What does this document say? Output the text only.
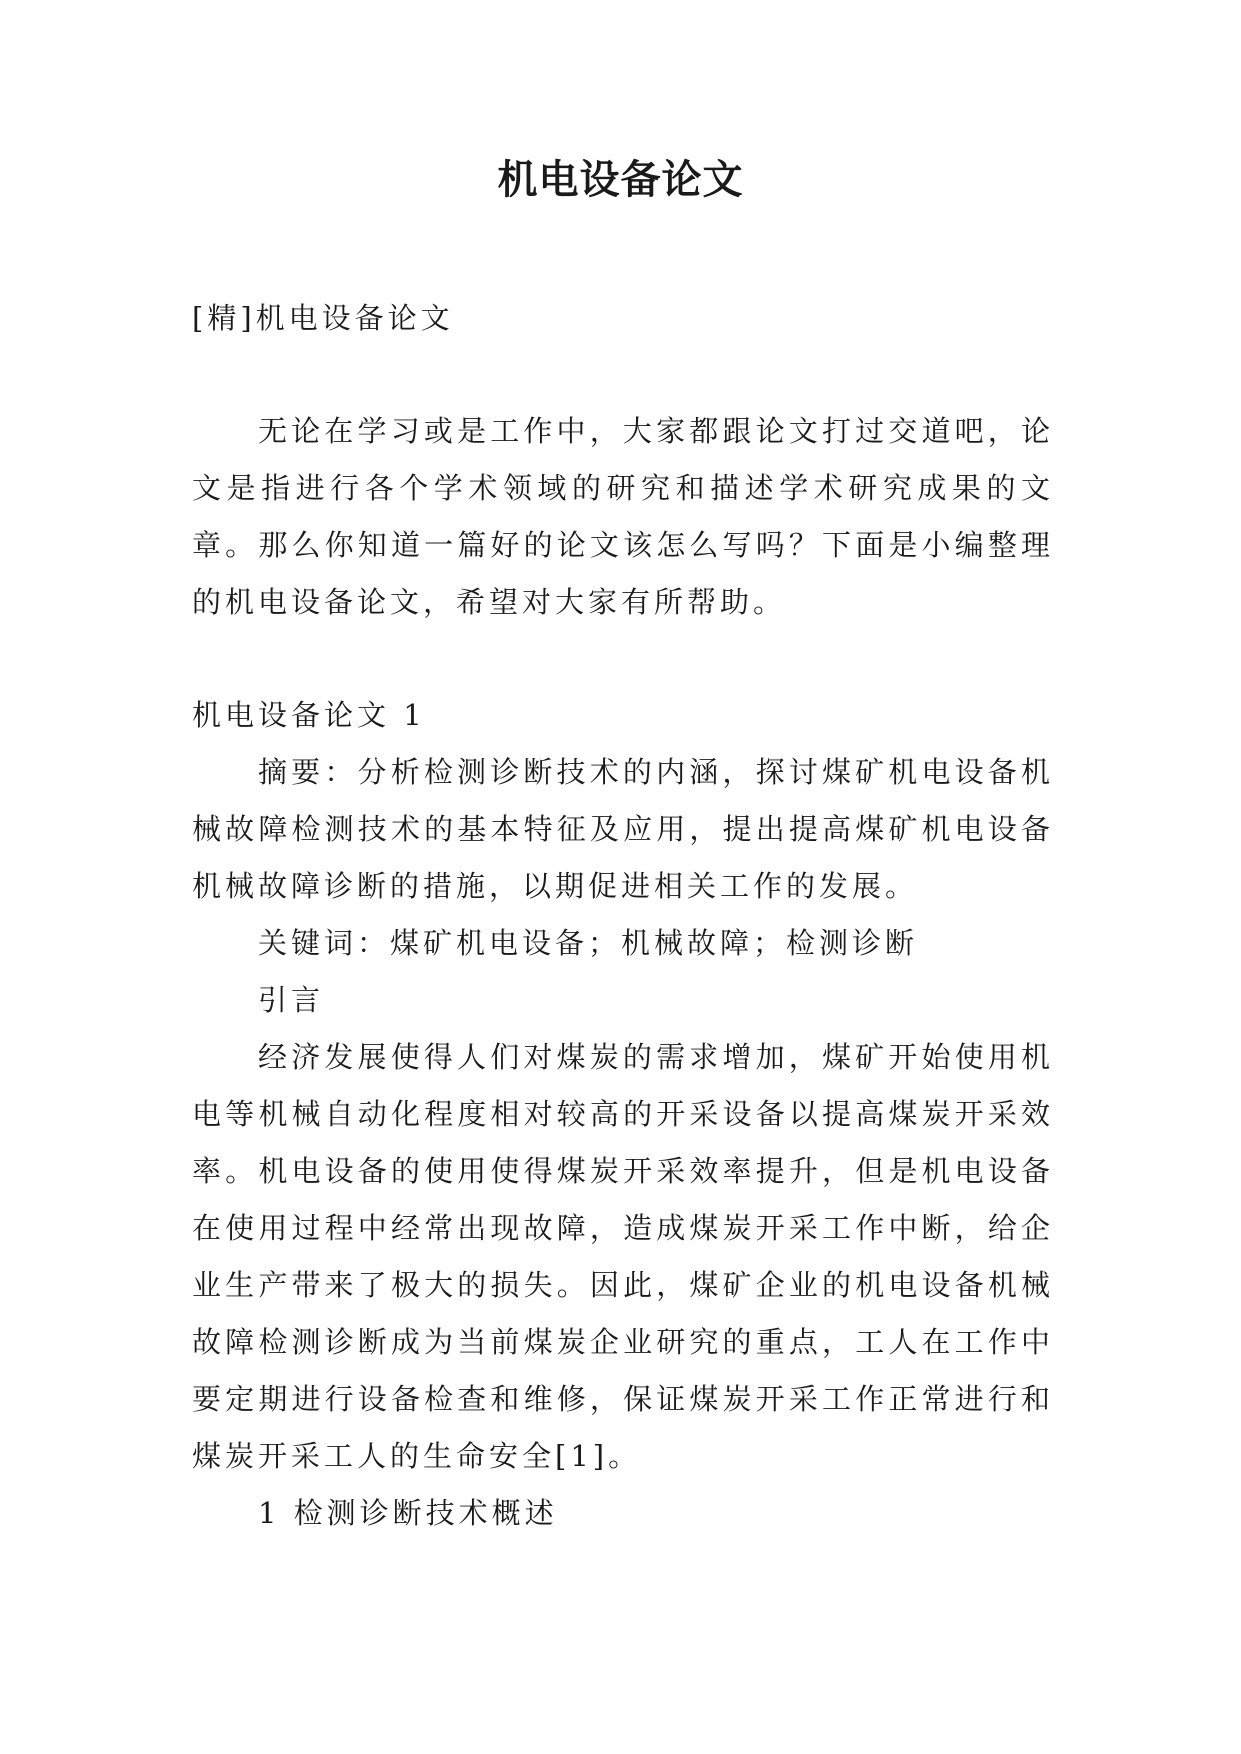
机电设备论文

[精]机电设备论文

无论在学习或是工作中，大家都跟论文打过交道吧，论文是指进行各个学术领域的研究和描述学术研究成果的文章。那么你知道一篇好的论文该怎么写吗？下面是小编整理的机电设备论文，希望对大家有所帮助。

机电设备论文 1

摘要：分析检测诊断技术的内涵，探讨煤矿机电设备机械故障检测技术的基本特征及应用，提出提高煤矿机电设备机械故障诊断的措施，以期促进相关工作的发展。

关键词：煤矿机电设备；机械故障；检测诊断

引言

经济发展使得人们对煤炭的需求增加，煤矿开始使用机电等机械自动化程度相对较高的开采设备以提高煤炭开采效率。机电设备的使用使得煤炭开采效率提升，但是机电设备在使用过程中经常出现故障，造成煤炭开采工作中断，给企业生产带来了极大的损失。因此，煤矿企业的机电设备机械故障检测诊断成为当前煤炭企业研究的重点，工人在工作中要定期进行设备检查和维修，保证煤炭开采工作正常进行和煤炭开采工人的生命安全[1]。

1 检测诊断技术概述
